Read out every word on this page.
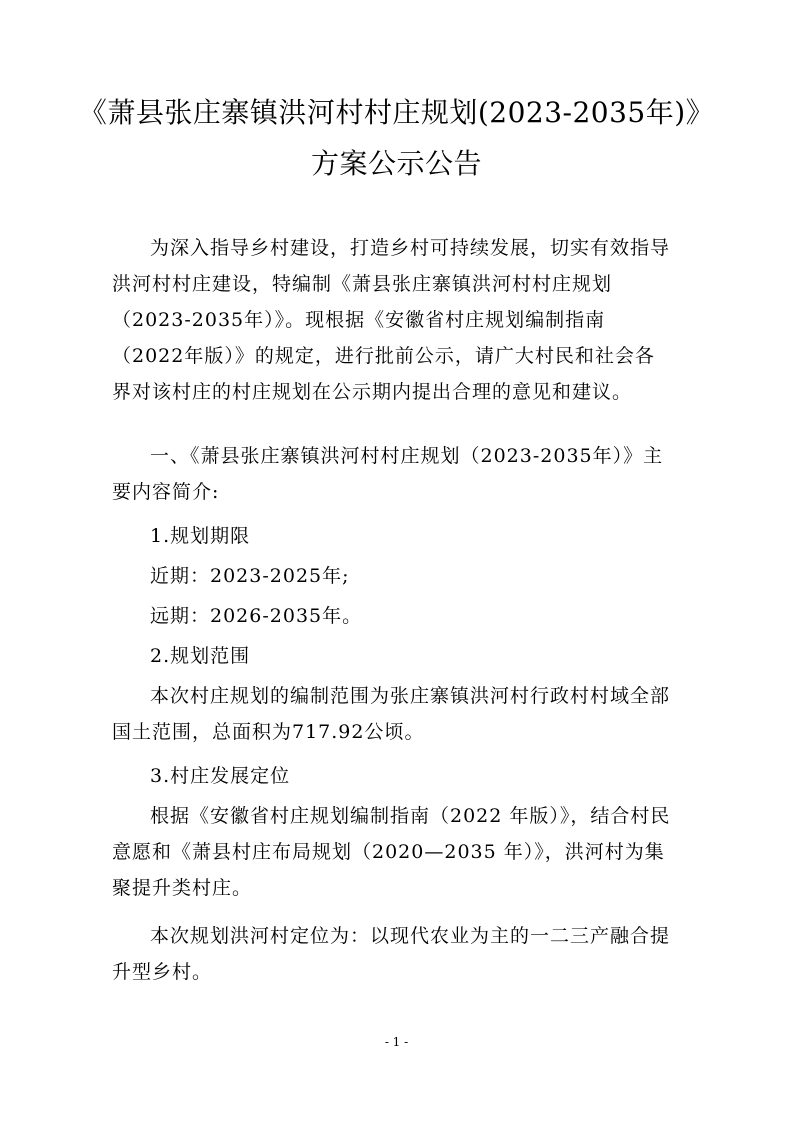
《萧县张庄寨镇洪河村村庄规划(2023-2035年)》
方案公示公告
为深入指导乡村建设，打造乡村可持续发展，切实有效指导洪河村村庄建设，特编制《萧县张庄寨镇洪河村村庄规划（2023-2035年）》。现根据《安徽省村庄规划编制指南（2022年版）》的规定，进行批前公示，请广大村民和社会各界对该村庄的村庄规划在公示期内提出合理的意见和建议。
一、《萧县张庄寨镇洪河村村庄规划（2023-2035年）》主要内容简介:
1.规划期限
近期：2023-2025年;
远期：2026-2035年。
2.规划范围
本次村庄规划的编制范围为张庄寨镇洪河村行政村村域全部国土范围，总面积为717.92公顷。
3.村庄发展定位
根据《安徽省村庄规划编制指南（2022 年版）》，结合村民意愿和《萧县村庄布局规划（2020—2035 年）》，洪河村为集聚提升类村庄。
本次规划洪河村定位为：以现代农业为主的一二三产融合提升型乡村。
- 1 -
